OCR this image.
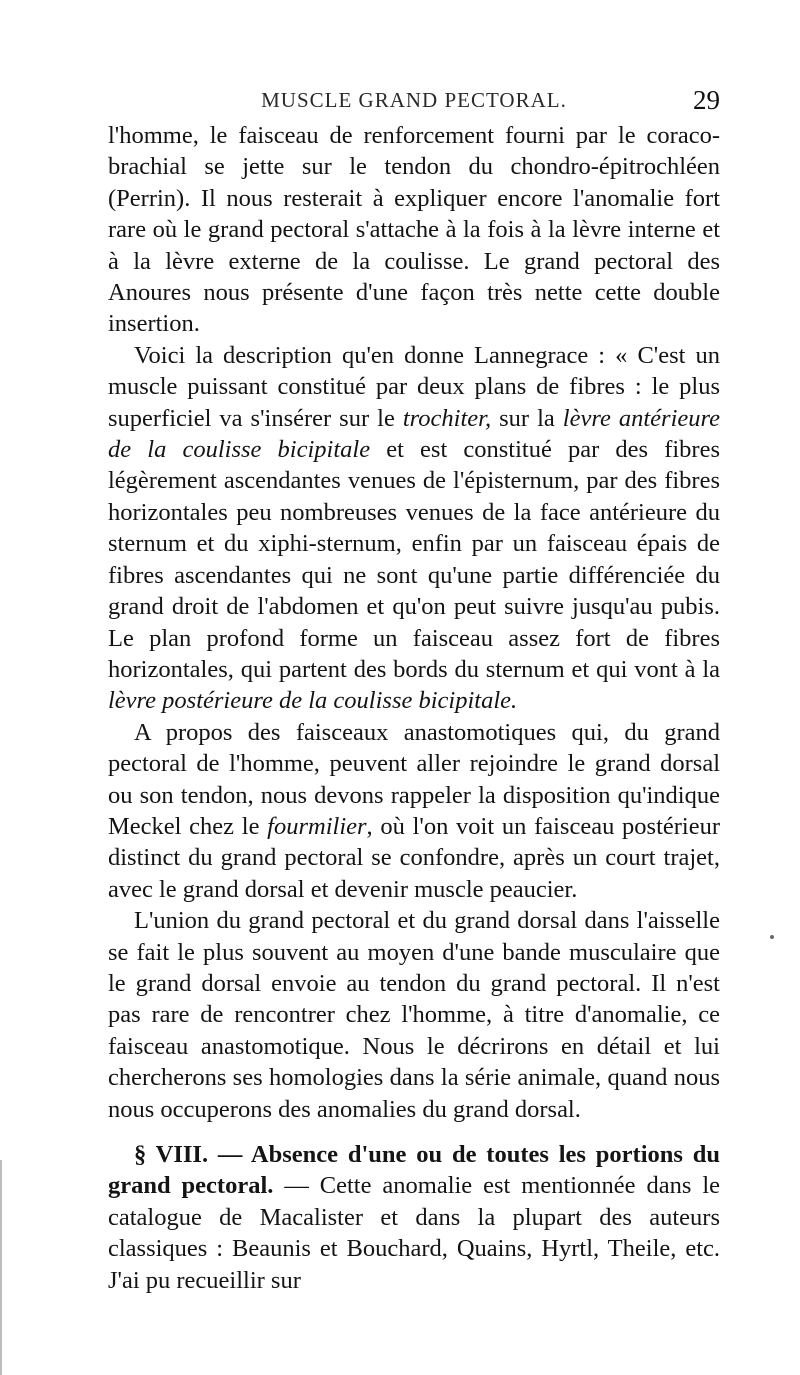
MUSCLE GRAND PECTORAL.	29

l'homme, le faisceau de renforcement fourni par le coraco-brachial se jette sur le tendon du chondro-épitrochléen (Perrin). Il nous resterait à expliquer encore l'anomalie fort rare où le grand pectoral s'attache à la fois à la lèvre interne et à la lèvre externe de la coulisse. Le grand pectoral des Anoures nous présente d'une façon très nette cette double insertion.

Voici la description qu'en donne Lannegrace : « C'est un muscle puissant constitué par deux plans de fibres : le plus superficiel va s'insérer sur le trochiter, sur la lèvre antérieure de la coulisse bicipitale et est constitué par des fibres légèrement ascendantes venues de l'épisternum, par des fibres horizontales peu nombreuses venues de la face antérieure du sternum et du xiphi-sternum, enfin par un faisceau épais de fibres ascendantes qui ne sont qu'une partie différenciée du grand droit de l'abdomen et qu'on peut suivre jusqu'au pubis. Le plan profond forme un faisceau assez fort de fibres horizontales, qui partent des bords du sternum et qui vont à la lèvre postérieure de la coulisse bicipitale.

A propos des faisceaux anastomotiques qui, du grand pectoral de l'homme, peuvent aller rejoindre le grand dorsal ou son tendon, nous devons rappeler la disposition qu'indique Meckel chez le fourmilier, où l'on voit un faisceau postérieur distinct du grand pectoral se confondre, après un court trajet, avec le grand dorsal et devenir muscle peaucier.

L'union du grand pectoral et du grand dorsal dans l'aisselle se fait le plus souvent au moyen d'une bande musculaire que le grand dorsal envoie au tendon du grand pectoral. Il n'est pas rare de rencontrer chez l'homme, à titre d'anomalie, ce faisceau anastomotique. Nous le décrirons en détail et lui chercherons ses homologies dans la série animale, quand nous nous occuperons des anomalies du grand dorsal.

§ VIII. — Absence d'une ou de toutes les portions du grand pectoral. — Cette anomalie est mentionnée dans le catalogue de Macalister et dans la plupart des auteurs classiques : Beaunis et Bouchard, Quains, Hyrtl, Theile, etc. J'ai pu recueillir sur
